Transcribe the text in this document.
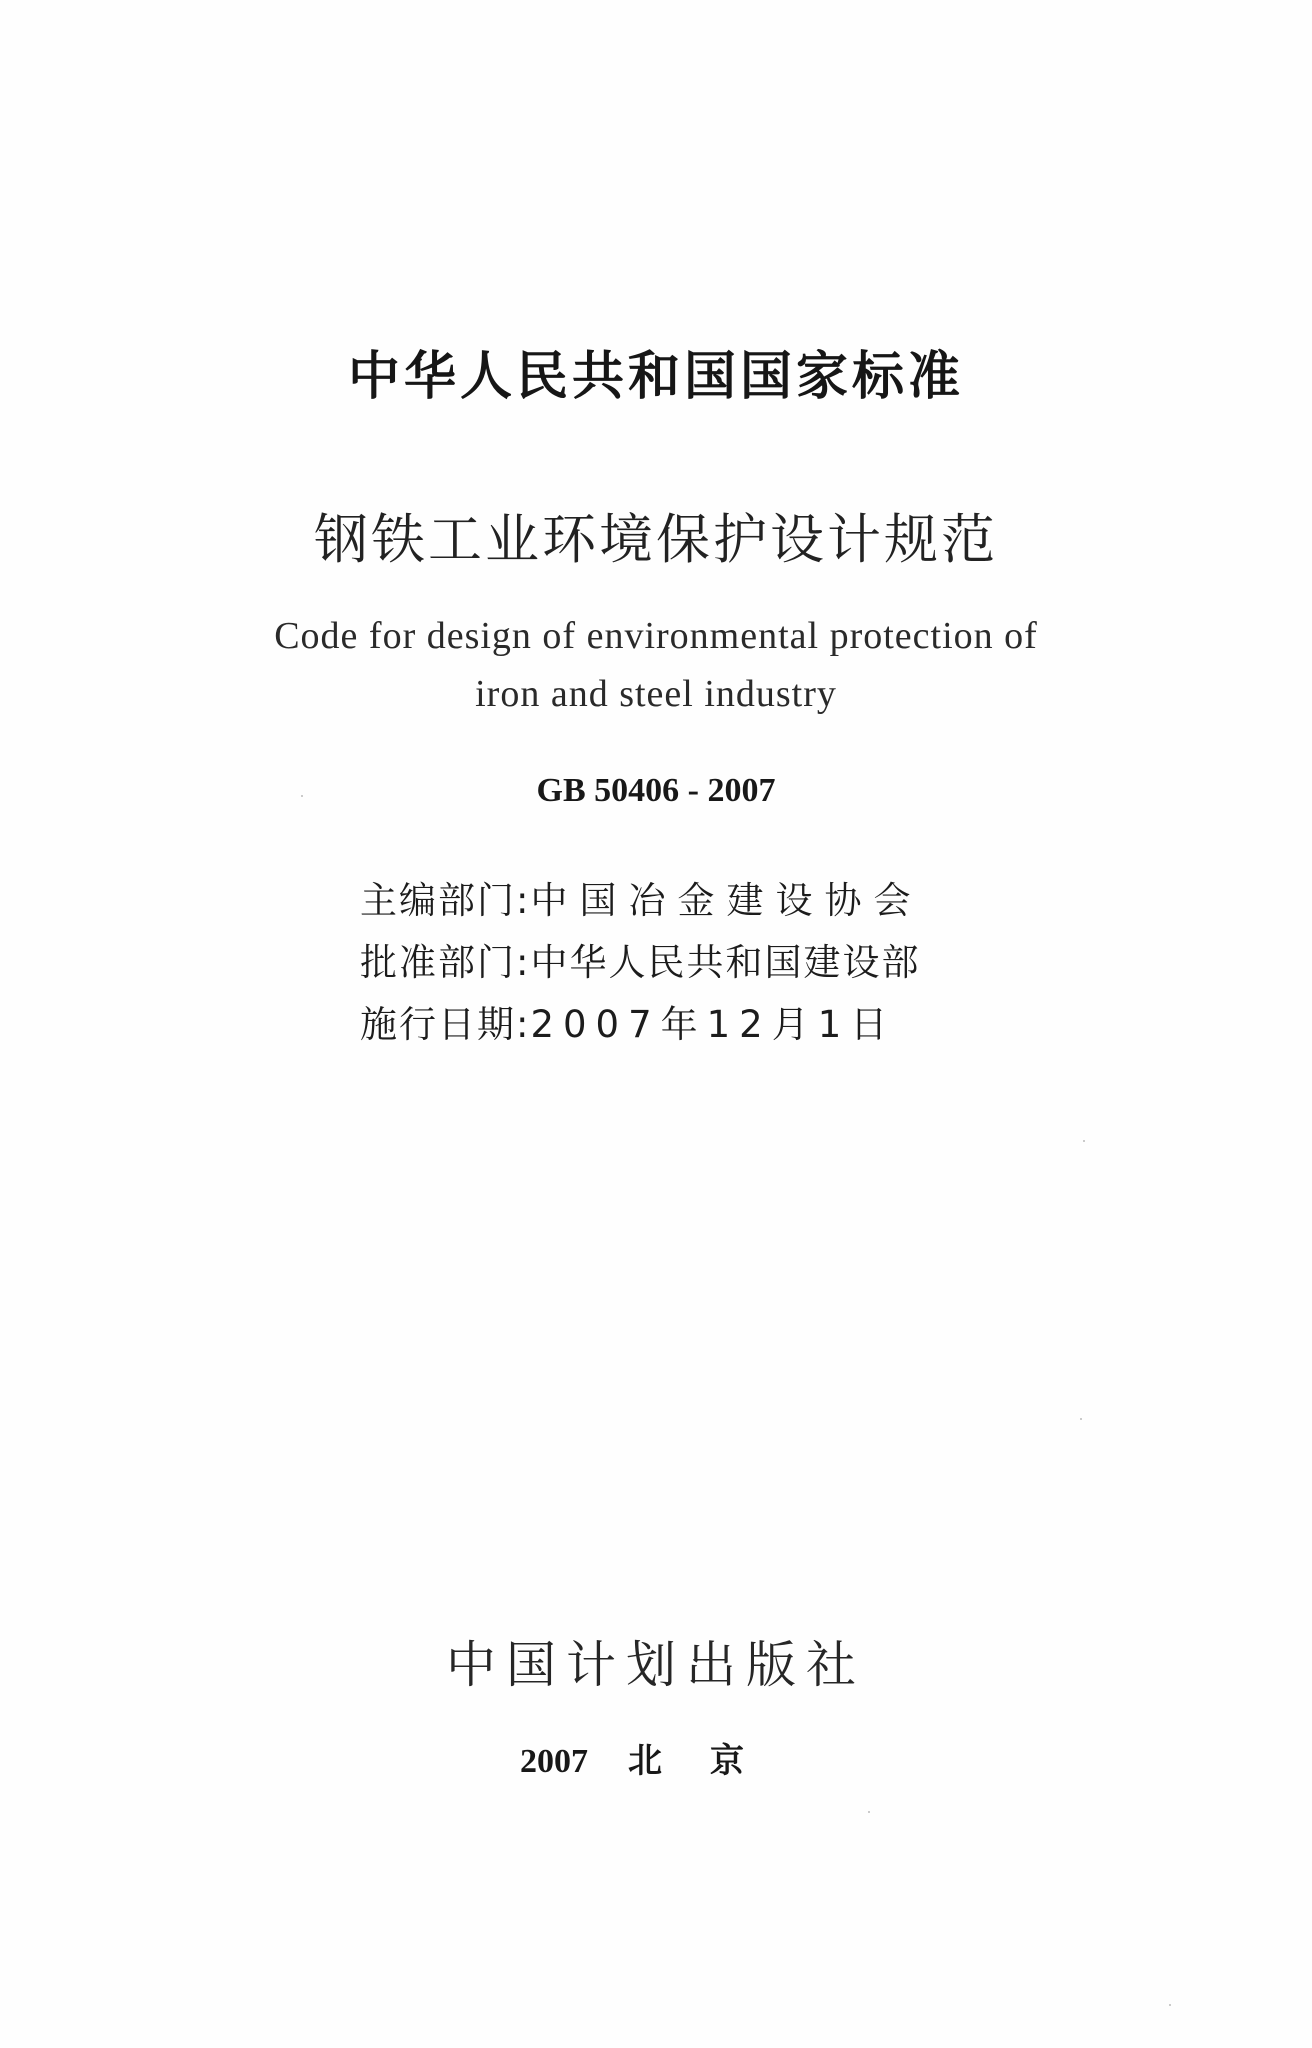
中华人民共和国国家标准
钢铁工业环境保护设计规范
Code for design of environmental protection of
iron and steel industry
GB 50406 - 2007
主编部门:中国冶金建设协会
批准部门:中华人民共和国建设部
施行日期:2007年12月1日
中国计划出版社
2007 北京
